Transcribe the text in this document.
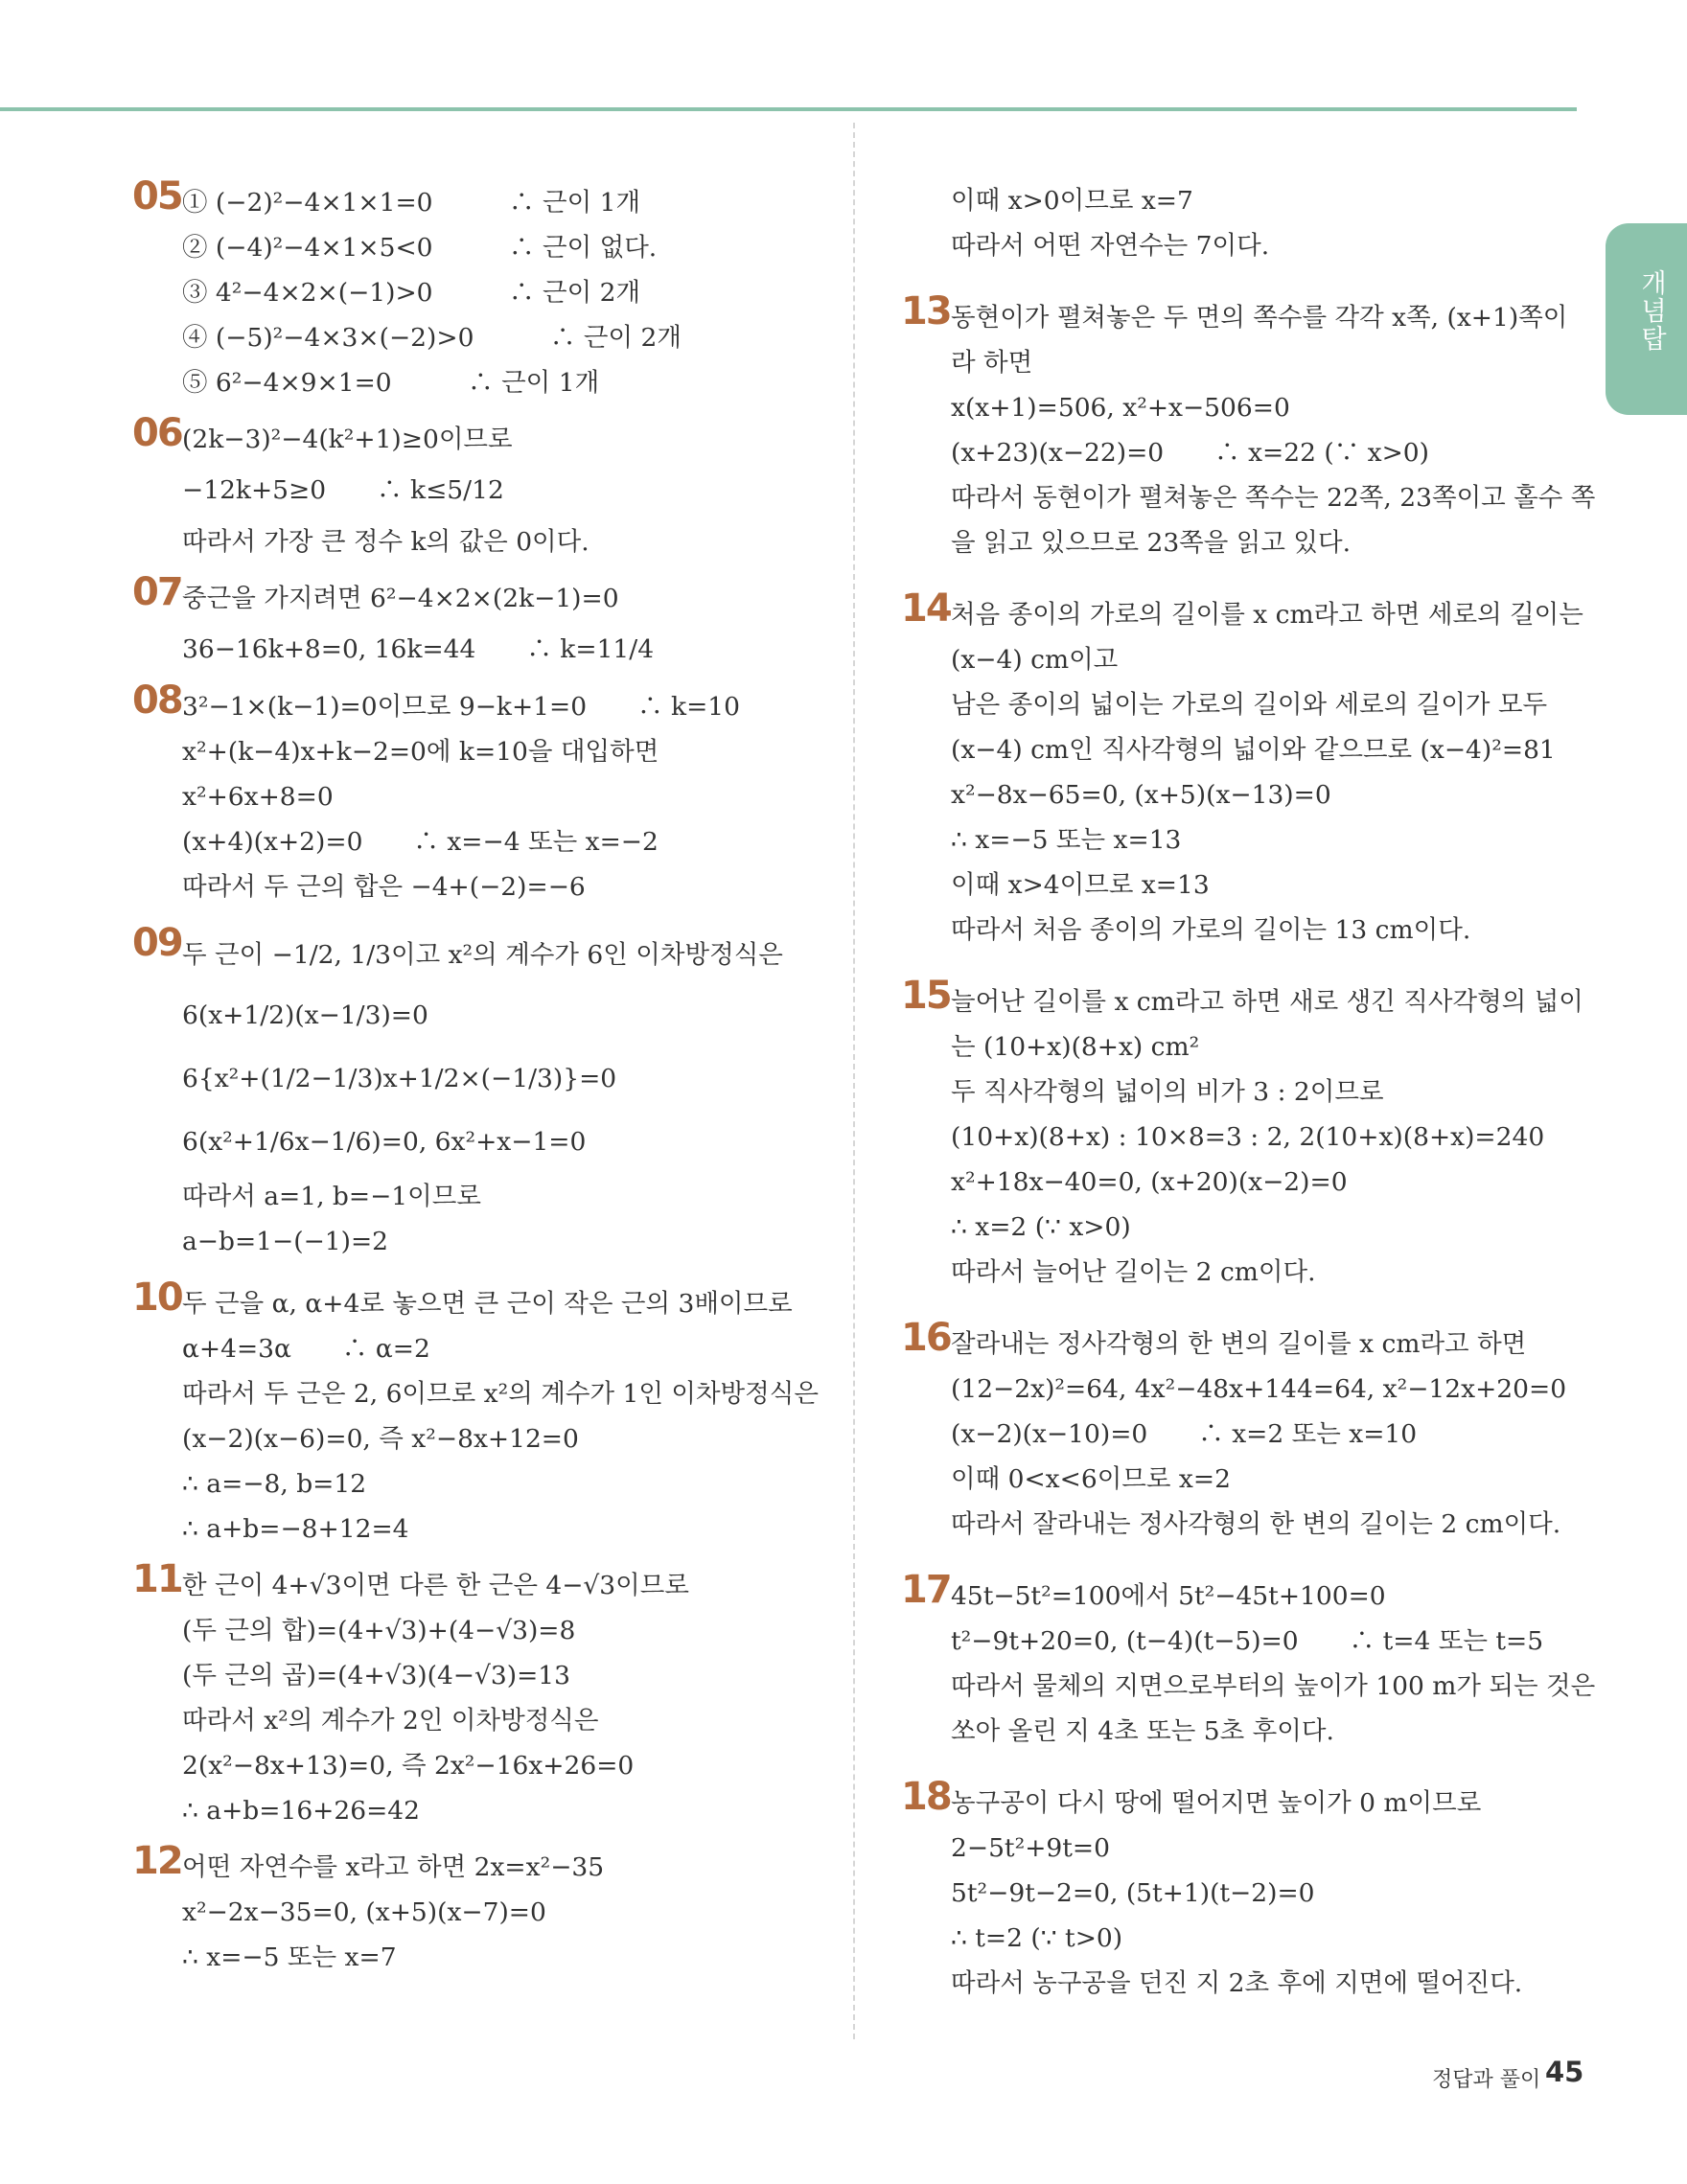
개념탑
05 ① (−2)²−4×1×1=0　　　∴ 근이 1개
② (−4)²−4×1×5<0　　　∴ 근이 없다.
③ 4²−4×2×(−1)>0　　　∴ 근이 2개
④ (−5)²−4×3×(−2)>0　　　∴ 근이 2개
⑤ 6²−4×9×1=0　　　∴ 근이 1개
06 (2k−3)²−4(k²+1)≥0이므로
−12k+5≥0　　∴ k≤5/12
따라서 가장 큰 정수 k의 값은 0이다.
07 중근을 가지려면 6²−4×2×(2k−1)=0
36−16k+8=0, 16k=44　　∴ k=11/4
08 3²−1×(k−1)=0이므로 9−k+1=0　　∴ k=10
x²+(k−4)x+k−2=0에 k=10을 대입하면
x²+6x+8=0
(x+4)(x+2)=0　　∴ x=−4 또는 x=−2
따라서 두 근의 합은 −4+(−2)=−6
09 두 근이 −1/2, 1/3이고 x²의 계수가 6인 이차방정식은
6(x+1/2)(x−1/3)=0
6{x²+(1/2−1/3)x+1/2×(−1/3)}=0
6(x²+1/6x−1/6)=0, 6x²+x−1=0
따라서 a=1, b=−1이므로
a−b=1−(−1)=2
10 두 근을 α, α+4로 놓으면 큰 근이 작은 근의 3배이므로
α+4=3α　　∴ α=2
따라서 두 근은 2, 6이므로 x²의 계수가 1인 이차방정식은
(x−2)(x−6)=0, 즉 x²−8x+12=0
∴ a=−8, b=12
∴ a+b=−8+12=4
11 한 근이 4+√3이면 다른 한 근은 4−√3이므로
(두 근의 합)=(4+√3)+(4−√3)=8
(두 근의 곱)=(4+√3)(4−√3)=13
따라서 x²의 계수가 2인 이차방정식은
2(x²−8x+13)=0, 즉 2x²−16x+26=0
∴ a+b=16+26=42
12 어떤 자연수를 x라고 하면 2x=x²−35
x²−2x−35=0, (x+5)(x−7)=0
∴ x=−5 또는 x=7
이때 x>0이므로 x=7
따라서 어떤 자연수는 7이다.
13 동현이가 펼쳐놓은 두 면의 쪽수를 각각 x쪽, (x+1)쪽이
라 하면
x(x+1)=506, x²+x−506=0
(x+23)(x−22)=0　　∴ x=22 (∵ x>0)
따라서 동현이가 펼쳐놓은 쪽수는 22쪽, 23쪽이고 홀수 쪽
을 읽고 있으므로 23쪽을 읽고 있다.
14 처음 종이의 가로의 길이를 x cm라고 하면 세로의 길이는
(x−4) cm이고
남은 종이의 넓이는 가로의 길이와 세로의 길이가 모두
(x−4) cm인 직사각형의 넓이와 같으므로 (x−4)²=81
x²−8x−65=0, (x+5)(x−13)=0
∴ x=−5 또는 x=13
이때 x>4이므로 x=13
따라서 처음 종이의 가로의 길이는 13 cm이다.
15 늘어난 길이를 x cm라고 하면 새로 생긴 직사각형의 넓이
는 (10+x)(8+x) cm²
두 직사각형의 넓이의 비가 3 : 2이므로
(10+x)(8+x) : 10×8=3 : 2, 2(10+x)(8+x)=240
x²+18x−40=0, (x+20)(x−2)=0
∴ x=2 (∵ x>0)
따라서 늘어난 길이는 2 cm이다.
16 잘라내는 정사각형의 한 변의 길이를 x cm라고 하면
(12−2x)²=64, 4x²−48x+144=64, x²−12x+20=0
(x−2)(x−10)=0　　∴ x=2 또는 x=10
이때 0<x<6이므로 x=2
따라서 잘라내는 정사각형의 한 변의 길이는 2 cm이다.
17 45t−5t²=100에서 5t²−45t+100=0
t²−9t+20=0, (t−4)(t−5)=0　　∴ t=4 또는 t=5
따라서 물체의 지면으로부터의 높이가 100 m가 되는 것은
쏘아 올린 지 4초 또는 5초 후이다.
18 농구공이 다시 땅에 떨어지면 높이가 0 m이므로
2−5t²+9t=0
5t²−9t−2=0, (5t+1)(t−2)=0
∴ t=2 (∵ t>0)
따라서 농구공을 던진 지 2초 후에 지면에 떨어진다.
정답과 풀이 45
